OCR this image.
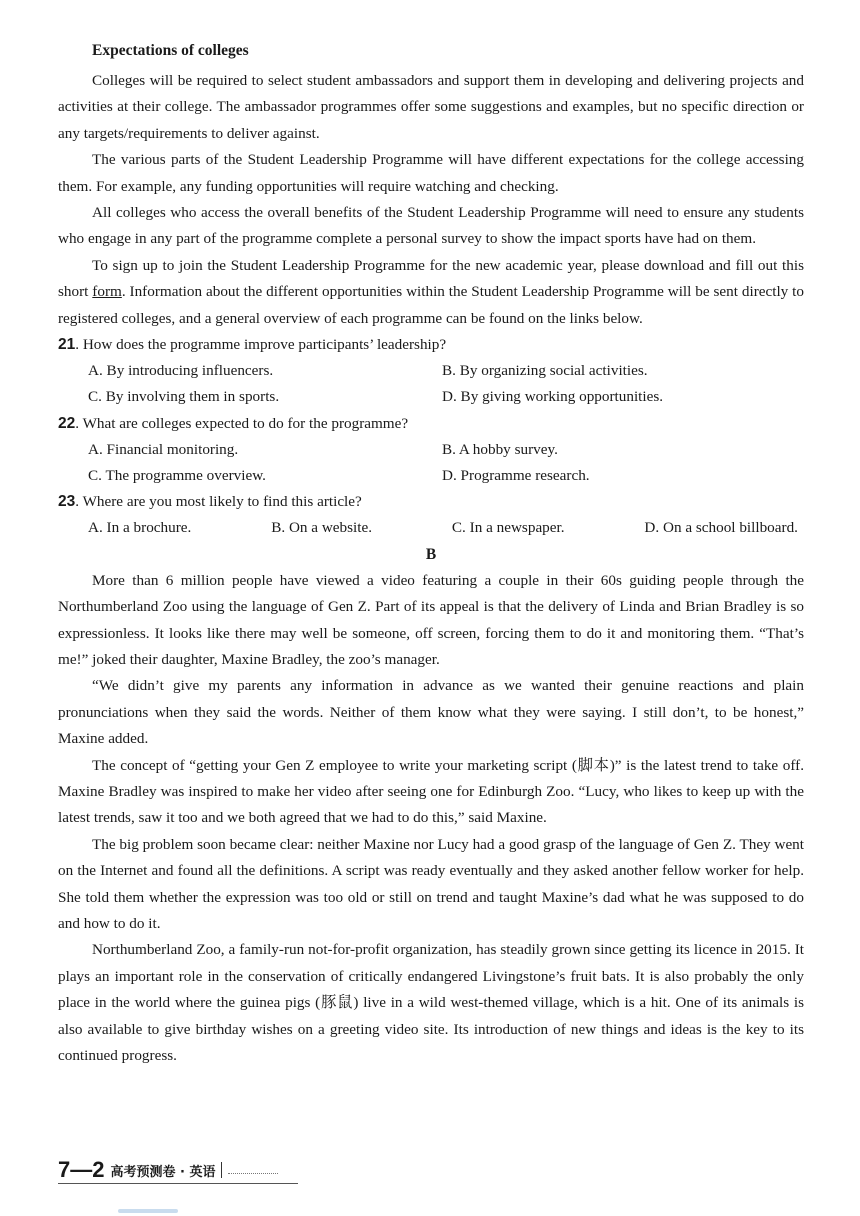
Expectations of colleges

Colleges will be required to select student ambassadors and support them in developing and delivering projects and activities at their college. The ambassador programmes offer some suggestions and examples, but no specific direction or any targets/requirements to deliver against.

The various parts of the Student Leadership Programme will have different expectations for the college accessing them. For example, any funding opportunities will require watching and checking.

All colleges who access the overall benefits of the Student Leadership Programme will need to ensure any students who engage in any part of the programme complete a personal survey to show the impact sports have had on them.

To sign up to join the Student Leadership Programme for the new academic year, please download and fill out this short form. Information about the different opportunities within the Student Leadership Programme will be sent directly to registered colleges, and a general overview of each programme can be found on the links below.

21. How does the programme improve participants’ leadership?
A. By introducing influencers.	B. By organizing social activities.
C. By involving them in sports.	D. By giving working opportunities.
22. What are colleges expected to do for the programme?
A. Financial monitoring.	B. A hobby survey.
C. The programme overview.	D. Programme research.
23. Where are you most likely to find this article?
A. In a brochure.	B. On a website.	C. In a newspaper.	D. On a school billboard.
B

More than 6 million people have viewed a video featuring a couple in their 60s guiding people through the Northumberland Zoo using the language of Gen Z. Part of its appeal is that the delivery of Linda and Brian Bradley is so expressionless. It looks like there may well be someone, off screen, forcing them to do it and monitoring them. “That’s me!” joked their daughter, Maxine Bradley, the zoo’s manager.

“We didn’t give my parents any information in advance as we wanted their genuine reactions and plain pronunciations when they said the words. Neither of them know what they were saying. I still don’t, to be honest,” Maxine added.

The concept of “getting your Gen Z employee to write your marketing script (脚本)” is the latest trend to take off. Maxine Bradley was inspired to make her video after seeing one for Edinburgh Zoo. “Lucy, who likes to keep up with the latest trends, saw it too and we both agreed that we had to do this,” said Maxine.

The big problem soon became clear: neither Maxine nor Lucy had a good grasp of the language of Gen Z. They went on the Internet and found all the definitions. A script was ready eventually and they asked another fellow worker for help. She told them whether the expression was too old or still on trend and taught Maxine’s dad what he was supposed to do and how to do it.

Northumberland Zoo, a family-run not-for-profit organization, has steadily grown since getting its licence in 2015. It plays an important role in the conservation of critically endangered Livingstone’s fruit bats. It is also probably the only place in the world where the guinea pigs (豚鼠) live in a wild west-themed village, which is a hit. One of its animals is also available to give birthday wishes on a greeting video site. Its introduction of new things and ideas is the key to its continued progress.

7—2 高考预测卷 · 英语
